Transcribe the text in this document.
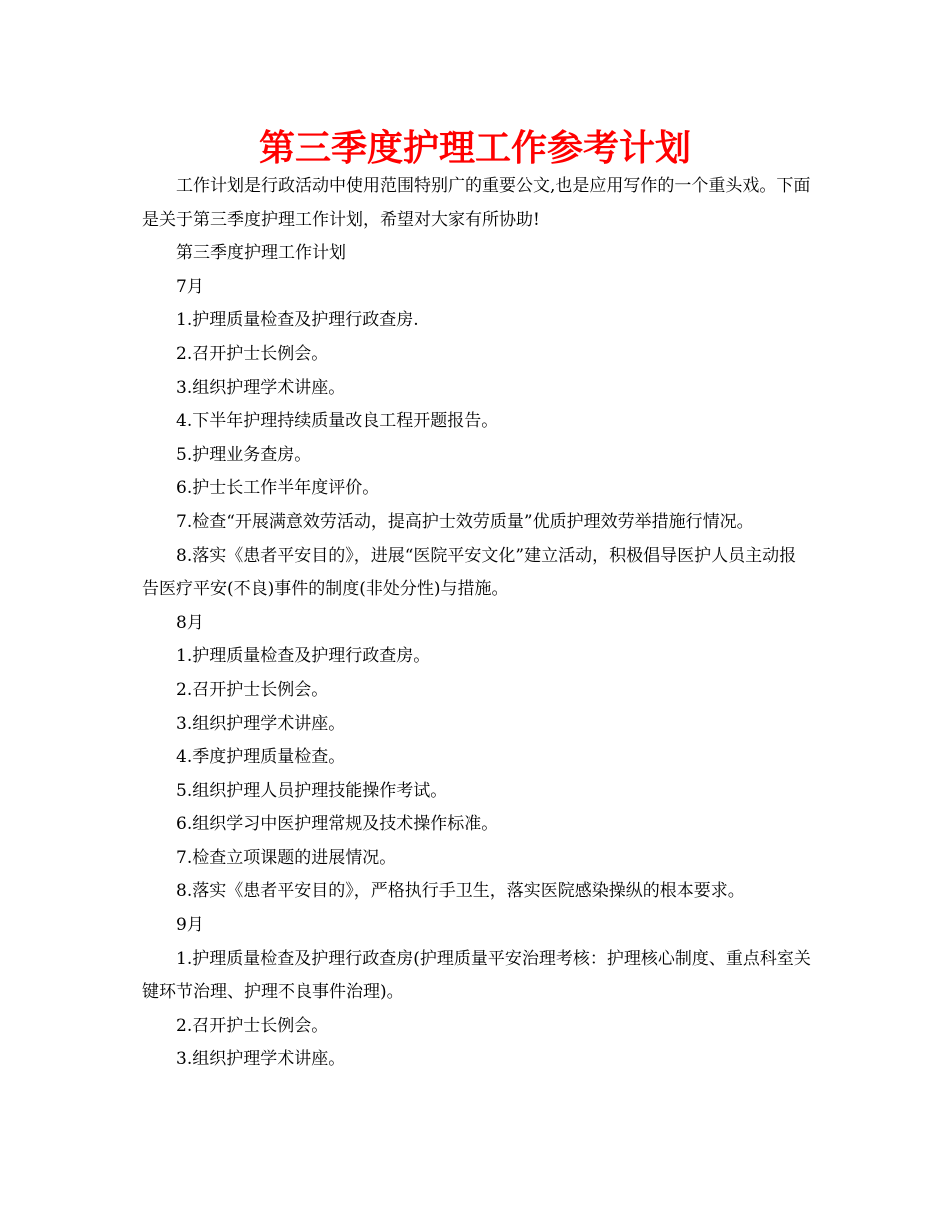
第三季度护理工作参考计划

工作计划是行政活动中使用范围特别广的重要公文,也是应用写作的一个重头戏。下面是关于第三季度护理工作计划，希望对大家有所协助!

第三季度护理工作计划

7月

1.护理质量检查及护理行政查房.

2.召开护士长例会。

3.组织护理学术讲座。

4.下半年护理持续质量改良工程开题报告。

5.护理业务查房。

6.护士长工作半年度评价。

7.检查“开展满意效劳活动，提高护士效劳质量”优质护理效劳举措施行情况。

8.落实《患者平安目的》，进展“医院平安文化”建立活动，积极倡导医护人员主动报告医疗平安(不良)事件的制度(非处分性)与措施。

8月

1.护理质量检查及护理行政查房。

2.召开护士长例会。

3.组织护理学术讲座。

4.季度护理质量检查。

5.组织护理人员护理技能操作考试。

6.组织学习中医护理常规及技术操作标准。

7.检查立项课题的进展情况。

8.落实《患者平安目的》，严格执行手卫生，落实医院感染操纵的根本要求。

9月

1.护理质量检查及护理行政查房(护理质量平安治理考核：护理核心制度、重点科室关键环节治理、护理不良事件治理)。

2.召开护士长例会。

3.组织护理学术讲座。
